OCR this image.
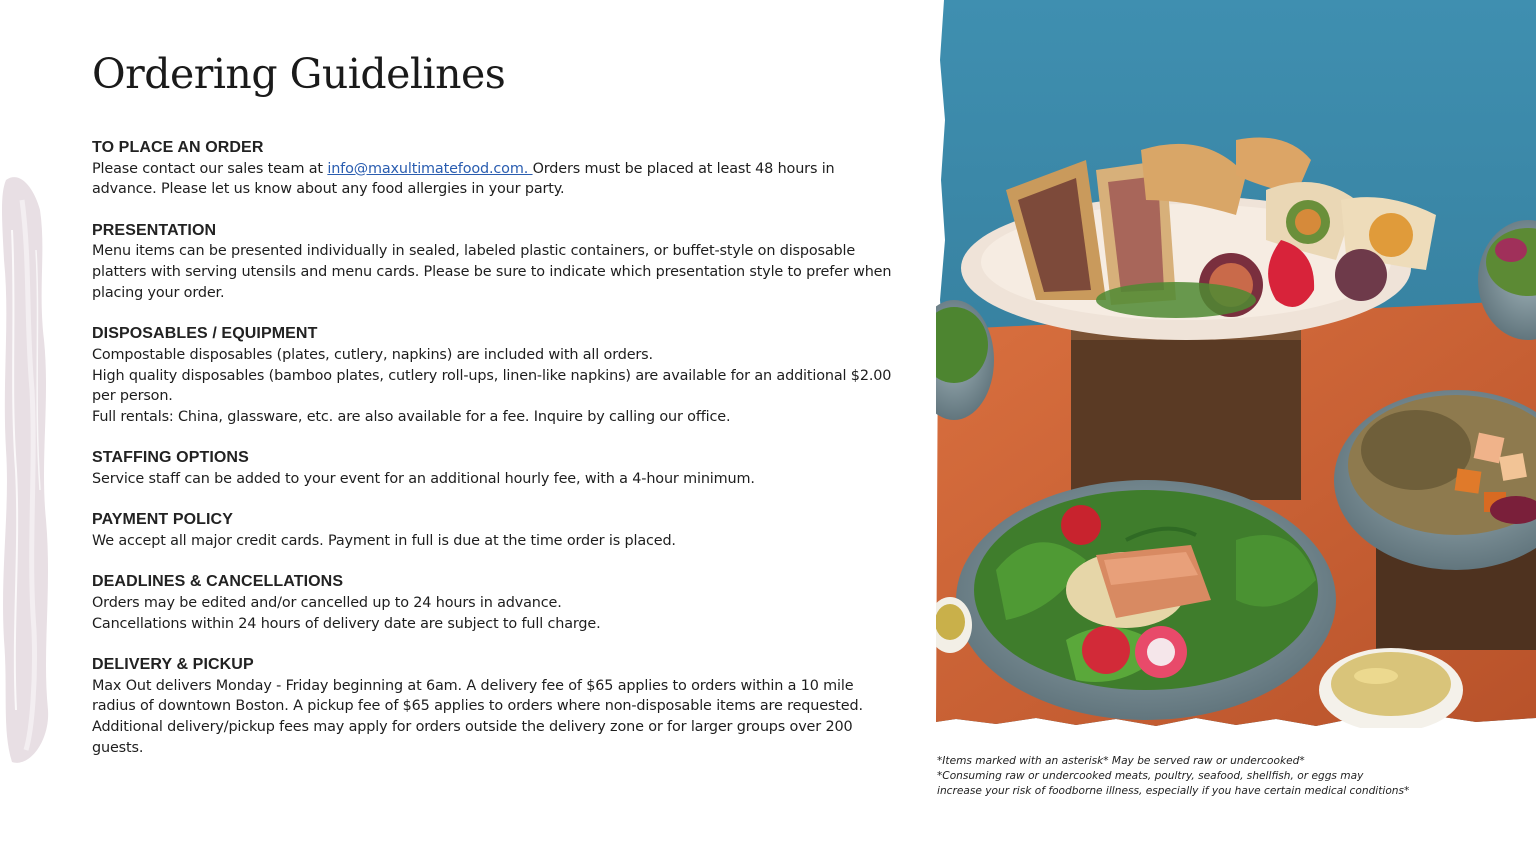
Ordering Guidelines
TO PLACE AN ORDER

Please contact our sales team at info@maxultimatefood.com. Orders must be placed at least 48 hours in advance. Please let us know about any food allergies in your party.

PRESENTATION

Menu items can be presented individually in sealed, labeled plastic containers, or buffet-style on disposable platters with serving utensils and menu cards. Please be sure to indicate which presentation style to prefer when placing your order.

DISPOSABLES / EQUIPMENT

Compostable disposables (plates, cutlery, napkins) are included with all orders.

High quality disposables (bamboo plates, cutlery roll-ups, linen-like napkins) are available for an additional $2.00 per person.

Full rentals: China, glassware, etc. are also available for a fee. Inquire by calling our office.

STAFFING OPTIONS

Service staff can be added to your event for an additional hourly fee, with a 4-hour minimum.

PAYMENT POLICY

We accept all major credit cards. Payment in full is due at the time order is placed.

DEADLINES & CANCELLATIONS

Orders may be edited and/or cancelled up to 24 hours in advance.

Cancellations within 24 hours of delivery date are subject to full charge.

DELIVERY & PICKUP

Max Out delivers Monday - Friday beginning at 6am. A delivery fee of $65 applies to orders within a 10 mile radius of downtown Boston. A pickup fee of $65 applies to orders where non-disposable items are requested. Additional delivery/pickup fees may apply for orders outside the delivery zone or for larger groups over 200 guests.

*Items marked with an asterisk* May be served raw or undercooked*
*Consuming raw or undercooked meats, poultry, seafood, shellfish, or eggs may
increase your risk of foodborne illness, especially if you have certain medical conditions*
